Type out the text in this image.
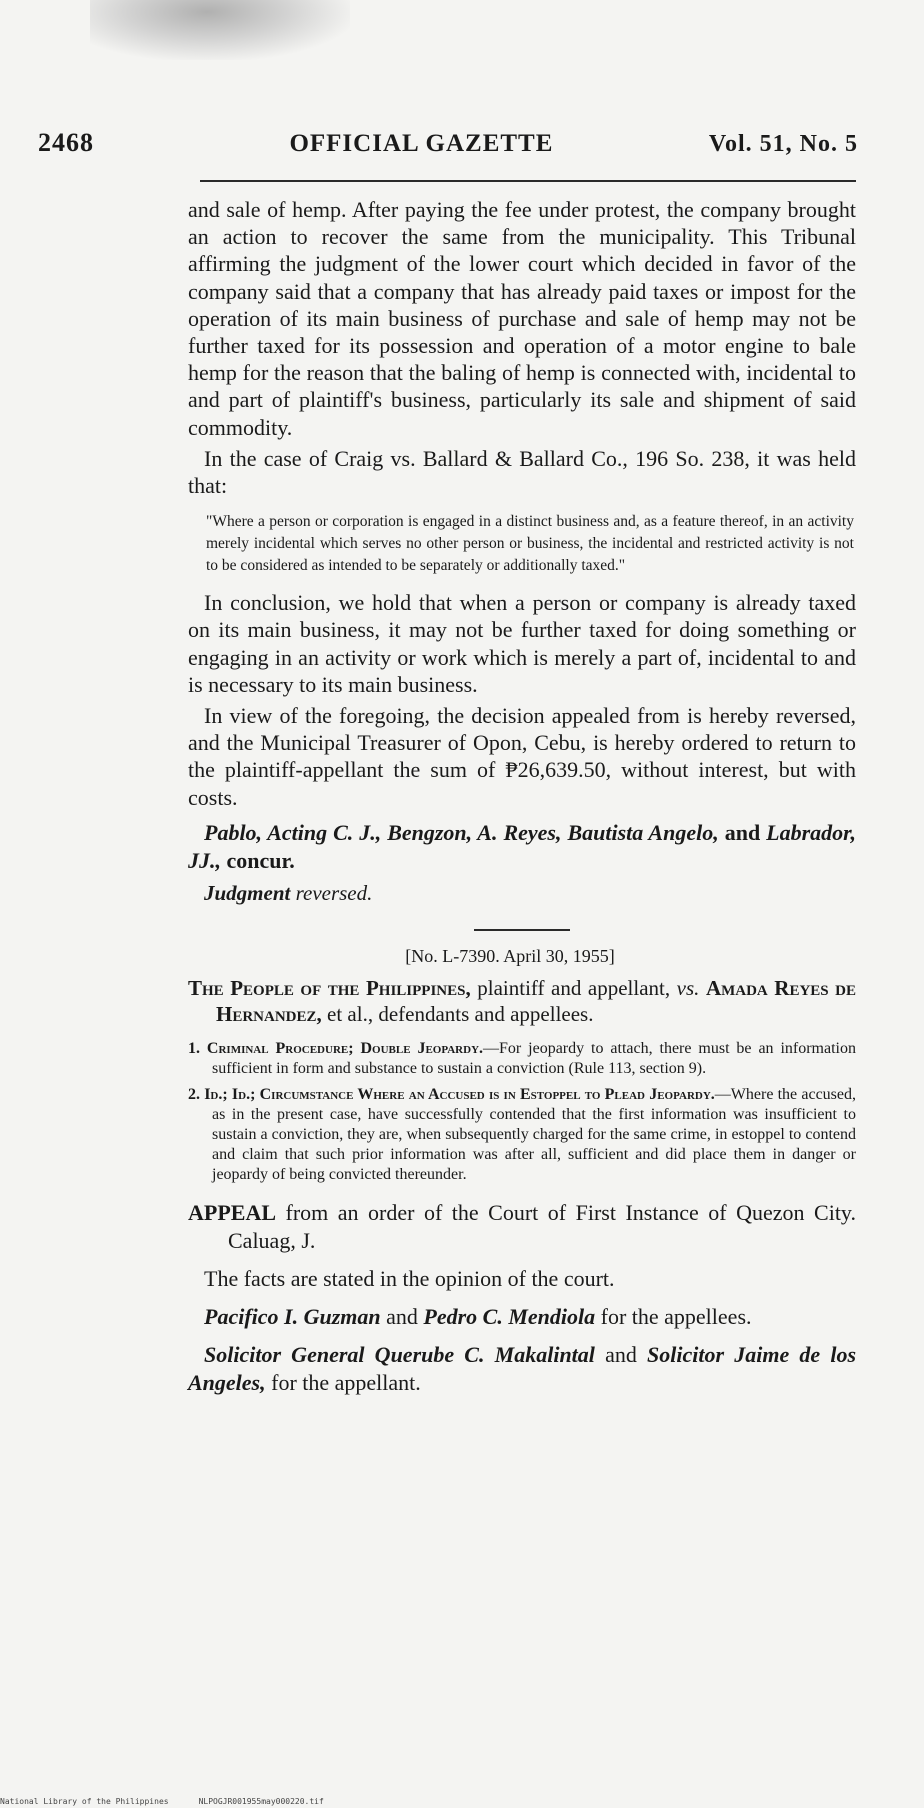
2468	OFFICIAL GAZETTE	Vol. 51, No. 5

and sale of hemp. After paying the fee under protest, the company brought an action to recover the same from the municipality. This Tribunal affirming the judgment of the lower court which decided in favor of the company said that a company that has already paid taxes or impost for the operation of its main business of purchase and sale of hemp may not be further taxed for its possession and operation of a motor engine to bale hemp for the reason that the baling of hemp is connected with, incidental to and part of plaintiff's business, particularly its sale and shipment of said commodity.

In the case of Craig vs. Ballard & Ballard Co., 196 So. 238, it was held that:

"Where a person or corporation is engaged in a distinct business and, as a feature thereof, in an activity merely incidental which serves no other person or business, the incidental and restricted activity is not to be considered as intended to be separately or additionally taxed."

In conclusion, we hold that when a person or company is already taxed on its main business, it may not be further taxed for doing something or engaging in an activity or work which is merely a part of, incidental to and is necessary to its main business.

In view of the foregoing, the decision appealed from is hereby reversed, and the Municipal Treasurer of Opon, Cebu, is hereby ordered to return to the plaintiff-appellant the sum of ₱26,639.50, without interest, but with costs.

Pablo, Acting C. J., Bengzon, A. Reyes, Bautista Angelo, and Labrador, JJ., concur.

Judgment reversed.

[No. L-7390. April 30, 1955]

The People of the Philippines, plaintiff and appellant, vs. Amada Reyes de Hernandez, et al., defendants and appellees.

1. Criminal Procedure; Double Jeopardy.—For jeopardy to attach, there must be an information sufficient in form and substance to sustain a conviction (Rule 113, section 9).

2. Id.; Id.; Circumstance Where an Accused is in Estoppel to Plead Jeopardy.—Where the accused, as in the present case, have successfully contended that the first information was insufficient to sustain a conviction, they are, when subsequently charged for the same crime, in estoppel to contend and claim that such prior information was after all, sufficient and did place them in danger or jeopardy of being convicted thereunder.

APPEAL from an order of the Court of First Instance of Quezon City. Caluag, J.

The facts are stated in the opinion of the court.

Pacifico I. Guzman and Pedro C. Mendiola for the appellees.

Solicitor General Querube C. Makalintal and Solicitor Jaime de los Angeles, for the appellant.

National Library of the Philippines	NLPOGJR001955may000220.tif
